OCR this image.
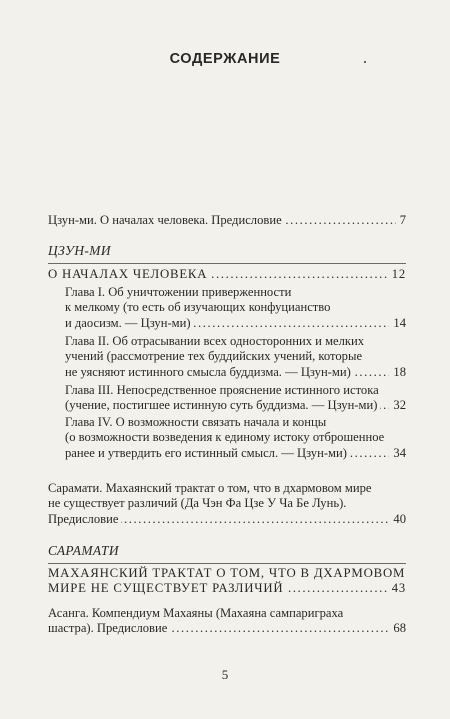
СОДЕРЖАНИЕ
Цзун-ми. О началах человека. Предисловие .....	7
ЦЗУН-МИ
О НАЧАЛАХ ЧЕЛОВЕКА .....	12
Глава I. Об уничтожении приверженности
к мелкому (то есть об изучающих конфуцианство
и даосизм. — Цзун-ми) .....	14
Глава II. Об отрасывании всех односторонних и мелких
учений (рассмотрение тех буддийских учений, которые
не уясняют истинного смысла буддизма. — Цзун-ми) .....	18
Глава III. Непосредственное прояснение истинного истока
(учение, постигшее истинную суть буддизма. — Цзун-ми) .....	32
Глава IV. О возможности связать начала и концы
(о возможности возведения к единому истоку отброшенное
ранее и утвердить его истинный смысл. — Цзун-ми) .....	34
Сарамати. Махаянский трактат о том, что в дхармовом мире
не существует различий (Да Чэн Фа Цзе У Ча Бе Лунь).
Предисловие .....	40
САРАМАТИ
МАХАЯНСКИЙ ТРАКТАТ О ТОМ, ЧТО В ДХАРМОВОМ
МИРЕ НЕ СУЩЕСТВУЕТ РАЗЛИЧИЙ .....	43
Асанга. Компендиум Махаяны (Махаяна сампариграха
шастра). Предисловие .....	68
5
